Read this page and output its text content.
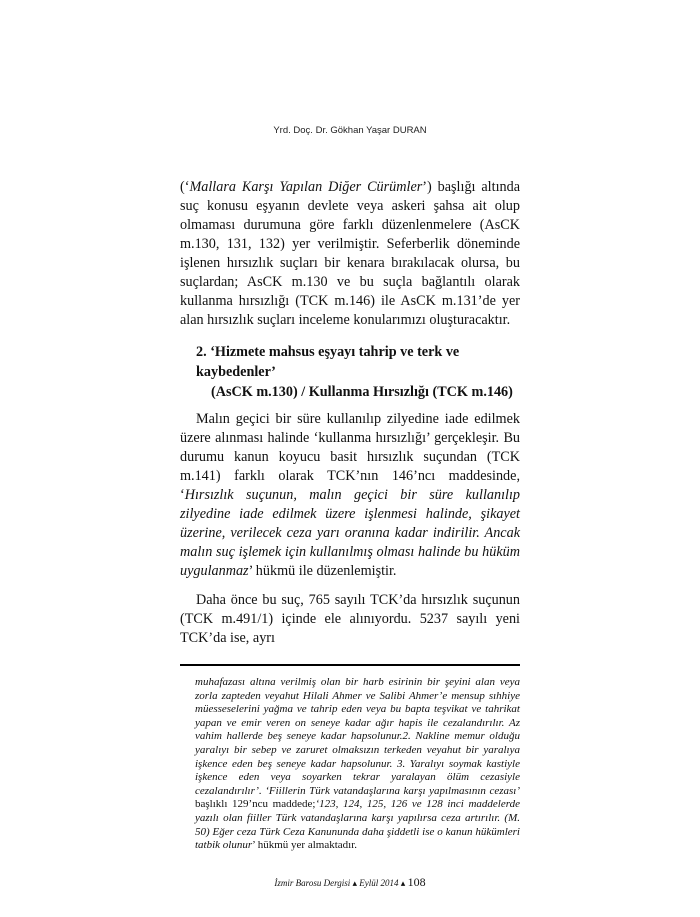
Yrd. Doç. Dr. Gökhan Yaşar DURAN

(‘Mallara Karşı Yapılan Diğer Cürümler’) başlığı altında suç konusu eşyanın devlete veya askeri şahsa ait olup olmaması durumuna göre farklı düzenlenmelere (AsCK m.130, 131, 132) yer verilmiştir. Seferberlik döneminde işlenen hırsızlık suçları bir kenara bırakılacak olursa, bu suçlardan; AsCK m.130 ve bu suçla bağlantılı olarak kullanma hırsızlığı (TCK m.146) ile AsCK m.131’de yer alan hırsızlık suçları inceleme konularımızı oluşturacaktır.

2. ‘Hizmete mahsus eşyayı tahrip ve terk ve kaybedenler’
(AsCK m.130) / Kullanma Hırsızlığı (TCK m.146)

Malın geçici bir süre kullanılıp zilyedine iade edilmek üzere alınması halinde ‘kullanma hırsızlığı’ gerçekleşir. Bu durumu kanun koyucu basit hırsızlık suçundan (TCK m.141) farklı olarak TCK’nın 146’ncı maddesinde, ‘Hırsızlık suçunun, malın geçici bir süre kullanılıp zilyedine iade edilmek üzere işlenmesi halinde, şikayet üzerine, verilecek ceza yarı oranına kadar indirilir. Ancak malın suç işlemek için kullanılmış olması halinde bu hüküm uygulanmaz’ hükmü ile düzenlemiştir.

Daha önce bu suç, 765 sayılı TCK’da hırsızlık suçunun (TCK m.491/1) içinde ele alınıyordu. 5237 sayılı yeni TCK’da ise, ayrı

muhafazası altına verilmiş olan bir harb esirinin bir şeyini alan veya zorla zapteden veyahut Hilali Ahmer ve Salibi Ahmer’e mensup sıhhiye müesseselerini yağma ve tahrip eden veya bu bapta teşvikat ve tahrikat yapan ve emir veren on seneye kadar ağır hapis ile cezalandırılır. Az vahim hallerde beş seneye kadar hapsolunur.2. Nakline memur olduğu yaralıyı bir sebep ve zaruret olmaksızın terkeden veyahut bir yaralıya işkence eden beş seneye kadar hapsolunur. 3. Yaralıyı soymak kastiyle işkence eden veya soyarken tekrar yaralayan ölüm cezasiyle cezalandırılır’. ‘Fiillerin Türk vatandaşlarına karşı yapılmasının cezası’ başlıklı 129’ncu maddede;‘123, 124, 125, 126 ve 128 inci maddelerde yazılı olan fiiller Türk vatandaşlarına karşı yapılırsa ceza artırılır. (M. 50) Eğer ceza Türk Ceza Kanununda daha şiddetli ise o kanun hükümleri tatbik olunur’ hükmü yer almaktadır.
İzmir Barosu Dergisi ▴ Eylül 2014 ▴ 108
